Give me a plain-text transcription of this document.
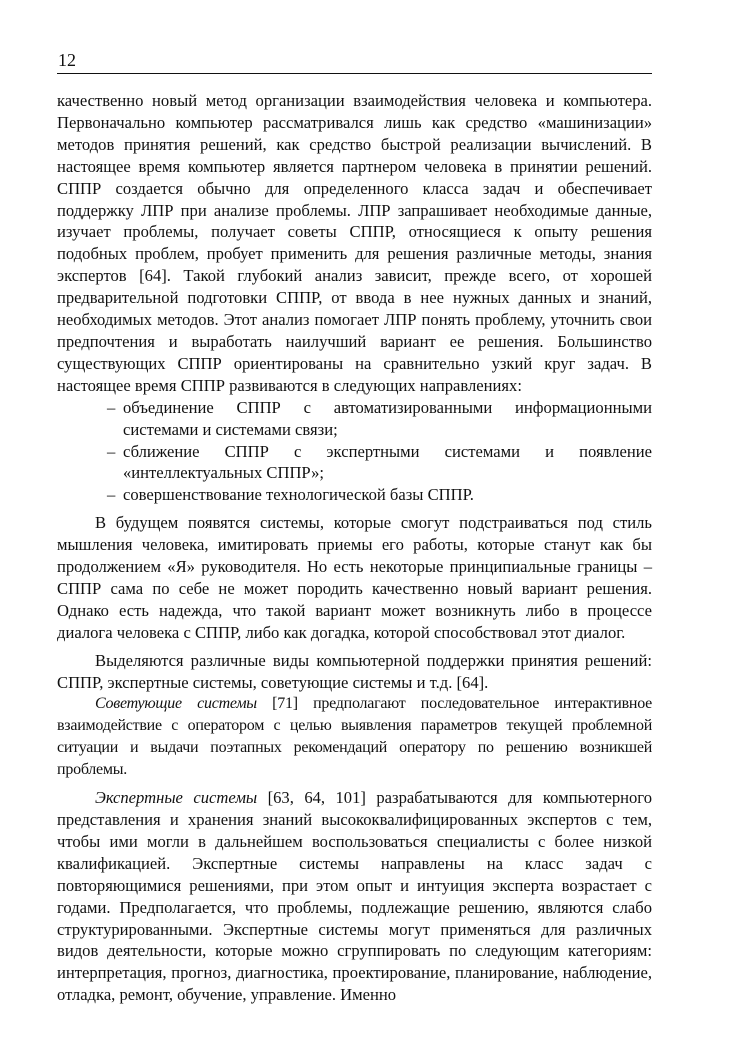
12

качественно новый метод организации взаимодействия человека и компьютера. Первоначально компьютер рассматривался лишь как средство «машинизации» методов принятия решений, как средство быстрой реализации вычислений. В настоящее время компьютер является партнером человека в принятии решений. СППР создается обычно для определенного класса задач и обеспечивает поддержку ЛПР при анализе проблемы. ЛПР запрашивает необходимые данные, изучает проблемы, получает советы СППР, относящиеся к опыту решения подобных проблем, пробует применить для решения различные методы, знания экспертов [64]. Такой глубокий анализ зависит, прежде всего, от хорошей предварительной подготовки СППР, от ввода в нее нужных данных и знаний, необходимых методов. Этот анализ помогает ЛПР понять проблему, уточнить свои предпочтения и выработать наилучший вариант ее решения. Большинство существующих СППР ориентированы на сравнительно узкий круг задач. В настоящее время СППР развиваются в следующих направлениях:

– объединение СППР с автоматизированными информационными системами и системами связи;
– сближение СППР с экспертными системами и появление «интеллектуальных СППР»;
– совершенствование технологической базы СППР.

В будущем появятся системы, которые смогут подстраиваться под стиль мышления человека, имитировать приемы его работы, которые станут как бы продолжением «Я» руководителя. Но есть некоторые принципиальные границы – СППР сама по себе не может породить качественно новый вариант решения. Однако есть надежда, что такой вариант может возникнуть либо в процессе диалога человека с СППР, либо как догадка, которой способствовал этот диалог.

Выделяются различные виды компьютерной поддержки принятия решений: СППР, экспертные системы, советующие системы и т.д. [64].

Советующие системы [71] предполагают последовательное интерактивное взаимодействие с оператором с целью выявления параметров текущей проблемной ситуации и выдачи поэтапных рекомендаций оператору по решению возникшей проблемы.

Экспертные системы [63, 64, 101] разрабатываются для компьютерного представления и хранения знаний высококвалифицированных экспертов с тем, чтобы ими могли в дальнейшем воспользоваться специалисты с более низкой квалификацией. Экспертные системы направлены на класс задач с повторяющимися решениями, при этом опыт и интуиция эксперта возрастает с годами. Предполагается, что проблемы, подлежащие решению, являются слабо структурированными. Экспертные системы могут применяться для различных видов деятельности, которые можно сгруппировать по следующим категориям: интерпретация, прогноз, диагностика, проектирование, планирование, наблюдение, отладка, ремонт, обучение, управление. Именно
